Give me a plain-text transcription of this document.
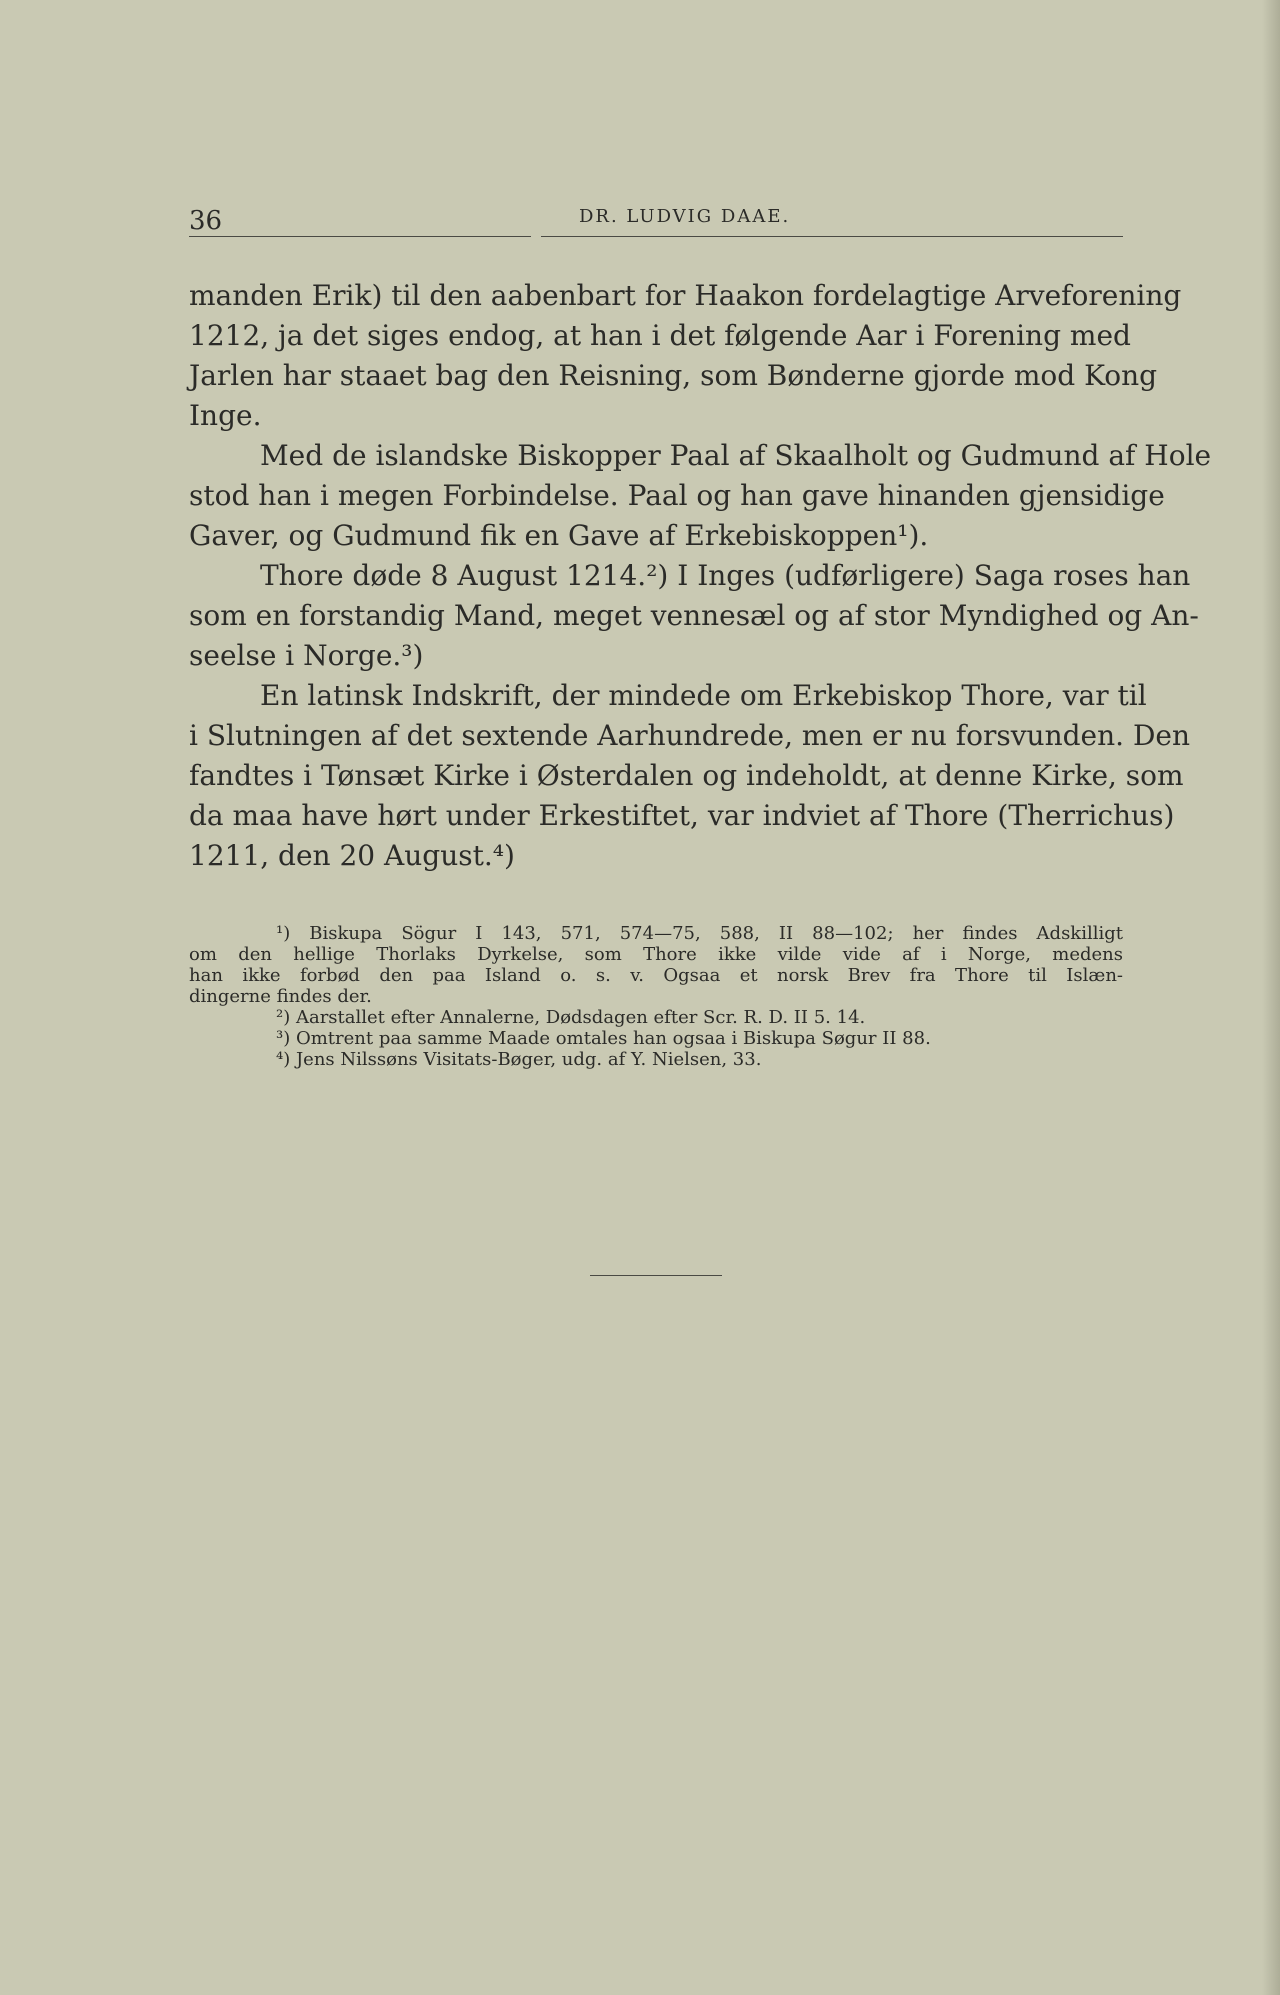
36	DR. LUDVIG DAAE.
manden Erik) til den aabenbart for Haakon fordelagtige Arveforening
1212, ja det siges endog, at han i det følgende Aar i Forening med
Jarlen har staaet bag den Reisning, som Bønderne gjorde mod Kong
Inge.
Med de islandske Biskopper Paal af Skaalholt og Gudmund af Hole
stod han i megen Forbindelse. Paal og han gave hinanden gjensidige
Gaver, og Gudmund fik en Gave af Erkebiskoppen¹).
Thore døde 8 August 1214.²) I Inges (udførligere) Saga roses han
som en forstandig Mand, meget vennesæl og af stor Myndighed og An-
seelse i Norge.³)
En latinsk Indskrift, der mindede om Erkebiskop Thore, var til
i Slutningen af det sextende Aarhundrede, men er nu forsvunden. Den
fandtes i Tønsæt Kirke i Østerdalen og indeholdt, at denne Kirke, som
da maa have hørt under Erkestiftet, var indviet af Thore (Therrichus)
1211, den 20 August.⁴)
¹) Biskupa Sögur I 143, 571, 574—75, 588, II 88—102; her findes Adskilligt
om den hellige Thorlaks Dyrkelse, som Thore ikke vilde vide af i Norge, medens
han ikke forbød den paa Island o. s. v. Ogsaa et norsk Brev fra Thore til Islæn-
dingerne findes der.
²) Aarstallet efter Annalerne, Dødsdagen efter Scr. R. D. II 5. 14.
³) Omtrent paa samme Maade omtales han ogsaa i Biskupa Søgur II 88.
⁴) Jens Nilssøns Visitats-Bøger, udg. af Y. Nielsen, 33.
